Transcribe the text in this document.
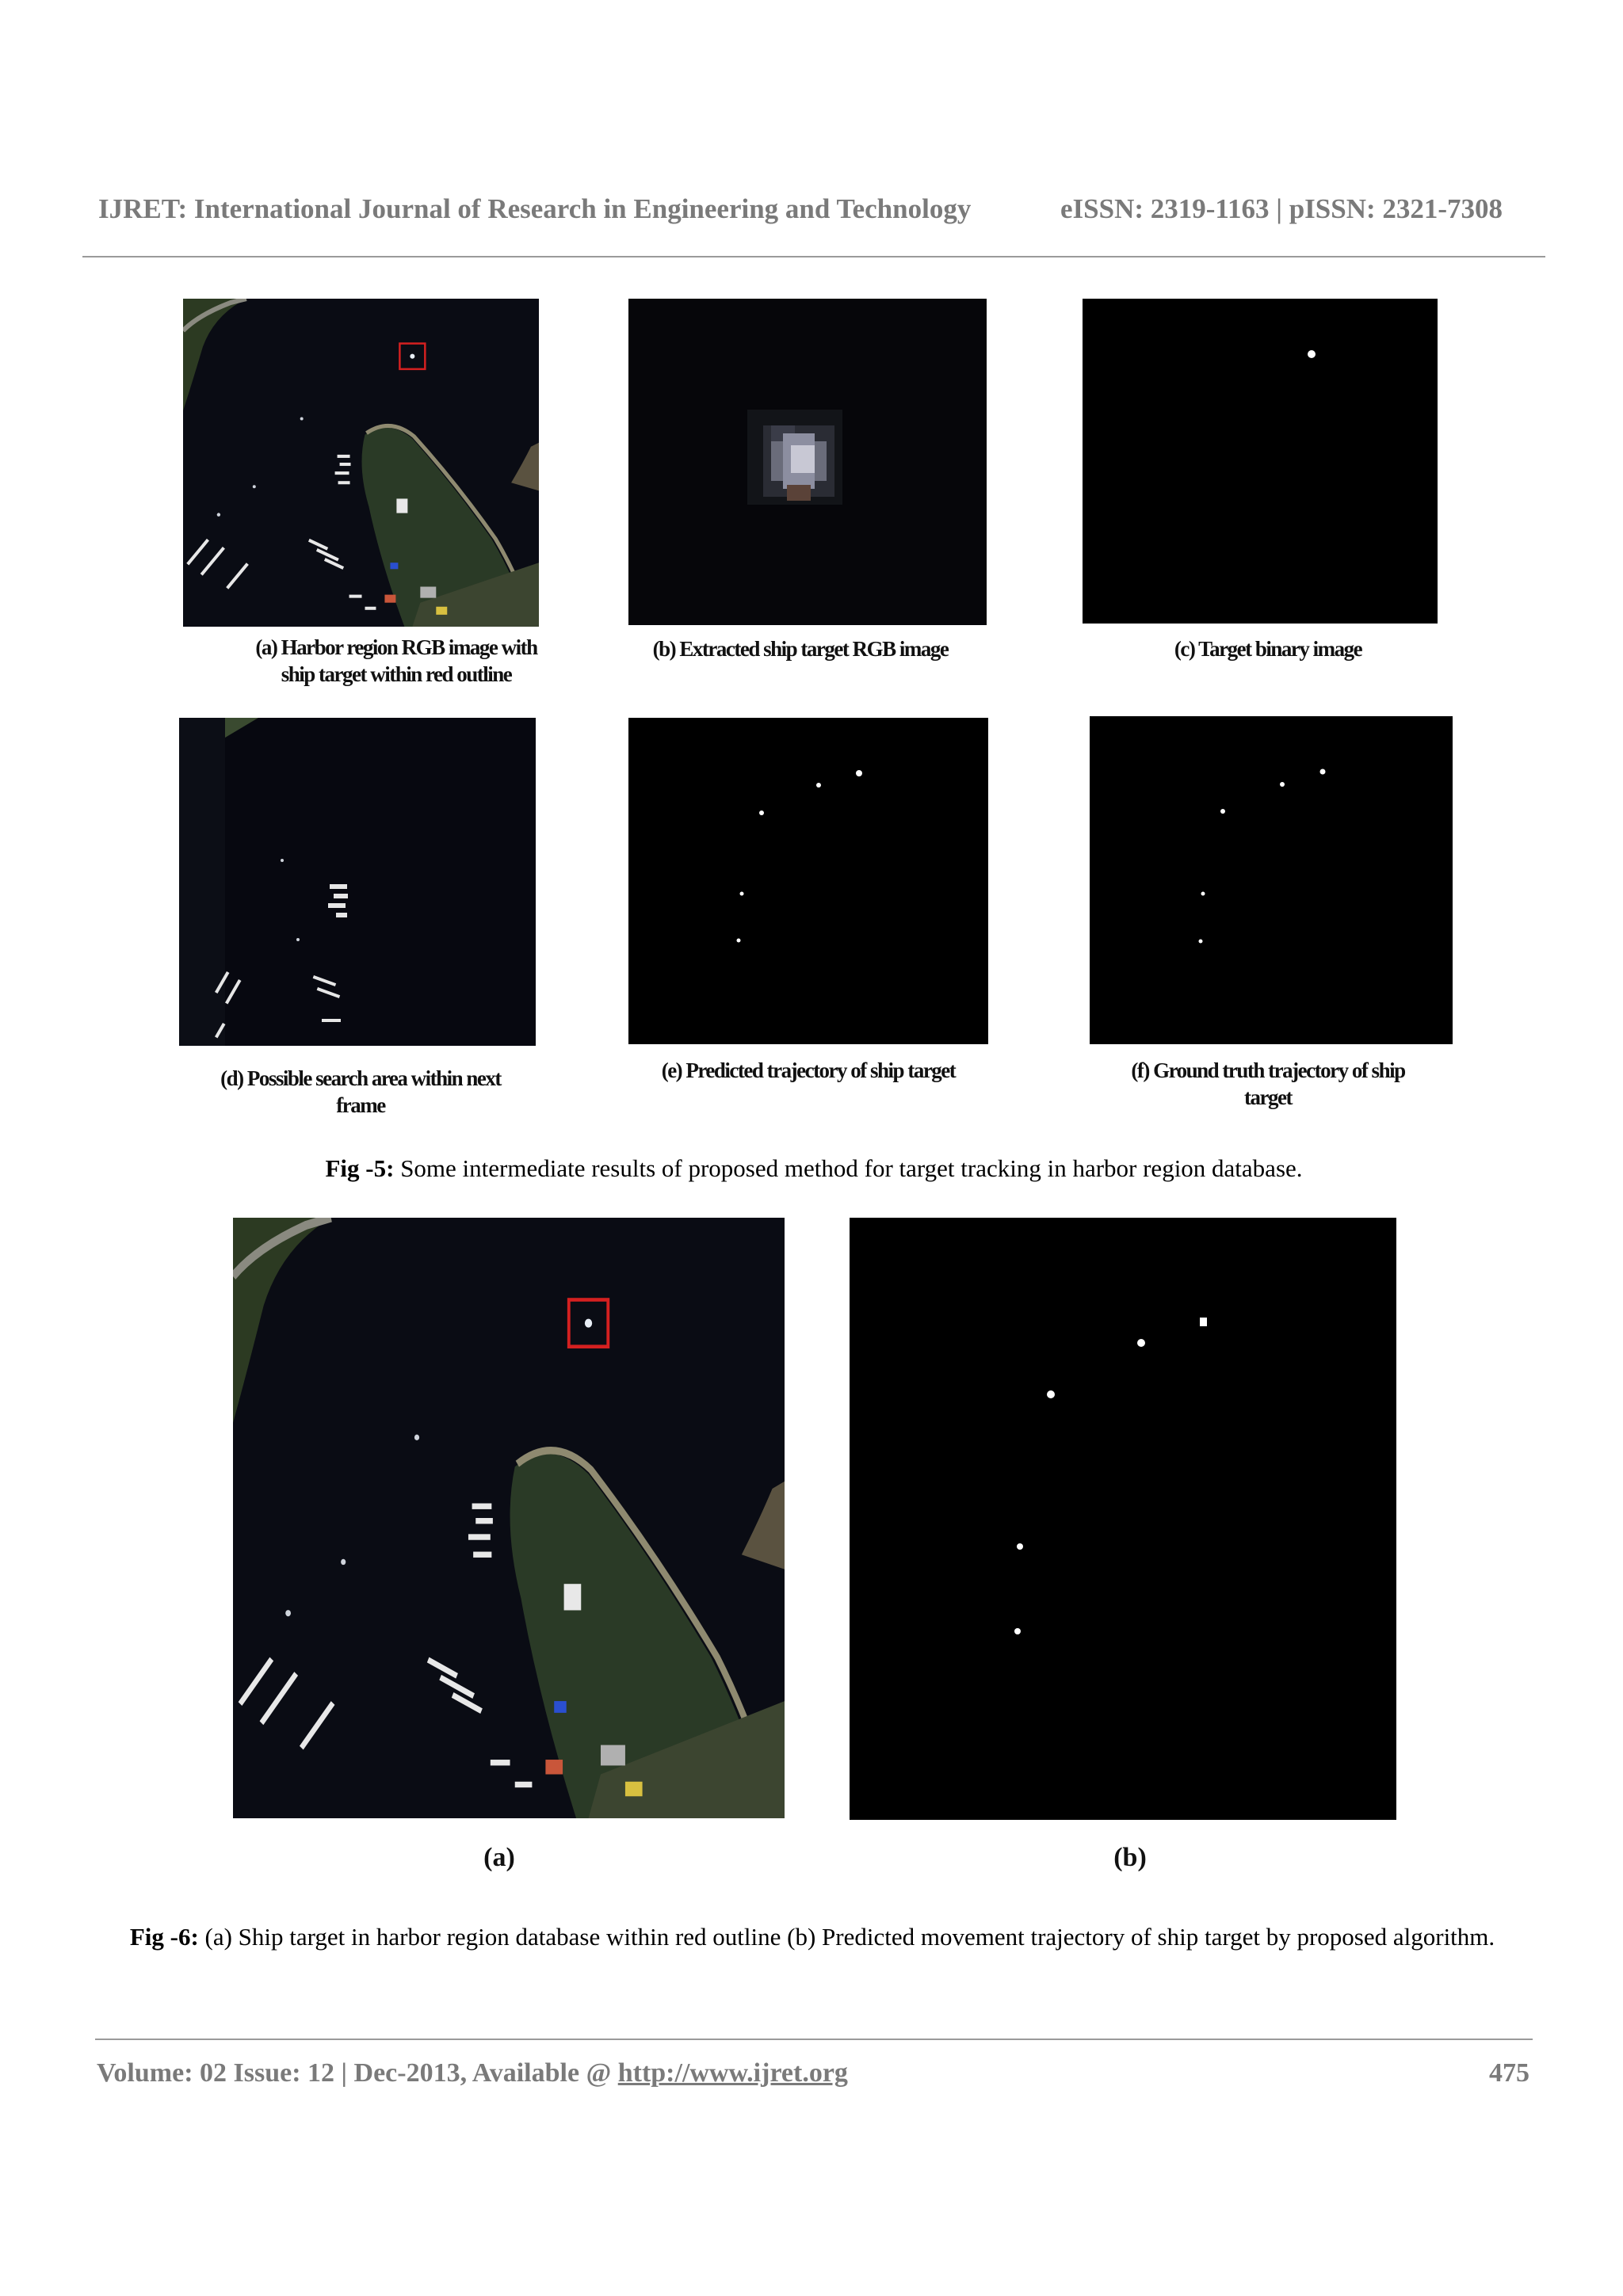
IJRET: International Journal of Research in Engineering and Technology	eISSN: 2319-1163 | pISSN: 2321-7308
(a) Harbor region RGB image with ship target within red outline
(b) Extracted ship target RGB image	(c) Target binary image
(d) Possible search area within next frame
(e) Predicted trajectory of ship target	(f) Ground truth trajectory of ship target
Fig -5: Some intermediate results of proposed method for target tracking in harbor region database.
(a)	(b)
Fig -6: (a) Ship target in harbor region database within red outline (b) Predicted movement trajectory of ship target by proposed algorithm.
Volume: 02 Issue: 12 | Dec-2013, Available @ http://www.ijret.org	475
